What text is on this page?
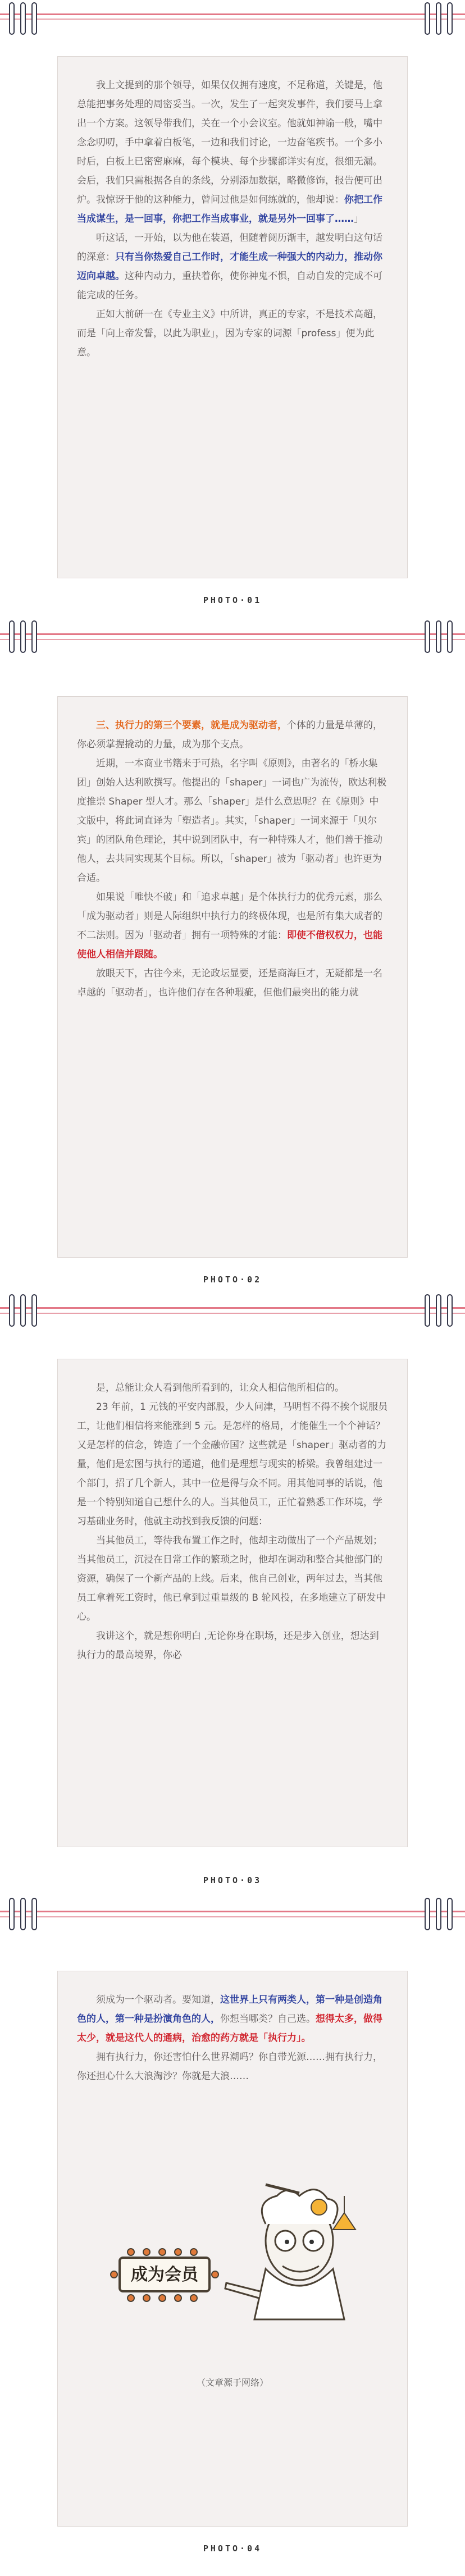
我上文提到的那个领导，如果仅仅拥有速度，不足称道，关键是，他总能把事务处理的周密妥当。一次，发生了一起突发事件，我们要马上拿出一个方案。这领导带我们，关在一个小会议室。他就如神谕一般，嘴中念念叨叨，手中拿着白板笔，一边和我们讨论，一边奋笔疾书。一个多小时后，白板上已密密麻麻，每个模块、每个步骤都详实有度，很细无漏。会后，我们只需根据各自的条线，分别添加数据，略微修饰，报告便可出炉。我惊讶于他的这种能力，曾问过他是如何练就的，他却说：你把工作当成谋生，是一回事，你把工作当成事业，就是另外一回事了……」

听这话，一开始，以为他在装逼，但随着阅历渐丰，越发明白这句话的深意：只有当你热爱自己工作时，才能生成一种强大的内动力，推动你迈向卓越。这种内动力，重抉着你，使你神鬼不惧，自动自发的完成不可能完成的任务。

正如大前研一在《专业主义》中所讲，真正的专家，不是技术高超，而是「向上帝发誓，以此为职业」，因为专家的词源「profess」便为此意。

PHOTO·01

三、执行力的第三个要素，就是成为驱动者，个体的力量是单薄的，你必须掌握撬动的力量，成为那个支点。

近期，一本商业书籍来于可热，名字叫《原则》，由著名的「桥水集团」创始人达利欧撰写。他提出的「shaper」一词也广为流传，欧达利极度推崇 Shaper 型人才。那么「shaper」是什么意思呢？在《原则》中文版中，将此词直译为「塑造者」。其实，「shaper」一词来源于「贝尔宾」的团队角色理论，其中说到团队中，有一种特殊人才，他们善于推动他人，去共同实现某个目标。所以，「shaper」被为「驱动者」也许更为合适。

如果说「唯快不破」和「追求卓越」是个体执行力的优秀元素，那么「成为驱动者」则是人际组织中执行力的终极体现，也是所有集大成者的不二法则。因为「驱动者」拥有一项特殊的才能：即使不借权权力，也能使他人相信并跟随。

放眼天下，古往今来，无论政坛显要，还是商海巨才，无疑都是一名卓越的「驱动者」，也许他们存在各种瑕疵，但他们最突出的能力就

PHOTO·02

是，总能让众人看到他所看到的，让众人相信他所相信的。

23 年前，1 元钱的平安内部股，少人问津，马明哲不得不挨个说服员工，让他们相信将来能涨到 5 元。是怎样的格局，才能催生一个个神话？又是怎样的信念，铸造了一个金融帝国？这些就是「shaper」驱动者的力量，他们是宏图与执行的通道，他们是理想与现实的桥梁。我曾组建过一个部门，招了几个新人，其中一位是得与众不同。用其他同事的话说，他是一个特别知道自己想什么的人。当其他员工，正忙着熟悉工作环境，学习基础业务时，他就主动找到我反馈的问题：

当其他员工，等待我布置工作之时，他却主动做出了一个产品规划；当其他员工，沉浸在日常工作的繁琐之时，他却在调动和整合其他部门的资源，确保了一个新产品的上线。后来，他自己创业，两年过去，当其他员工拿着死工资时，他已拿到过重量级的 B 轮风投，在多地建立了研发中心。

我讲这个，就是想你明白 ,无论你身在职场，还是步入创业，想达到执行力的最高境界，你必

PHOTO·03

须成为一个驱动者。要知道，这世界上只有两类人，第一种是创造角色的人，第一种是扮演角色的人，你想当哪类？自己选。想得太多，做得太少，就是这代人的通病，治愈的药方就是「执行力」。

拥有执行力，你还害怕什么世界潮吗？你自带光源……拥有执行力，你还担心什么大浪淘沙？你就是大浪……

成为会员
（文章源于网络）
PHOTO·04
